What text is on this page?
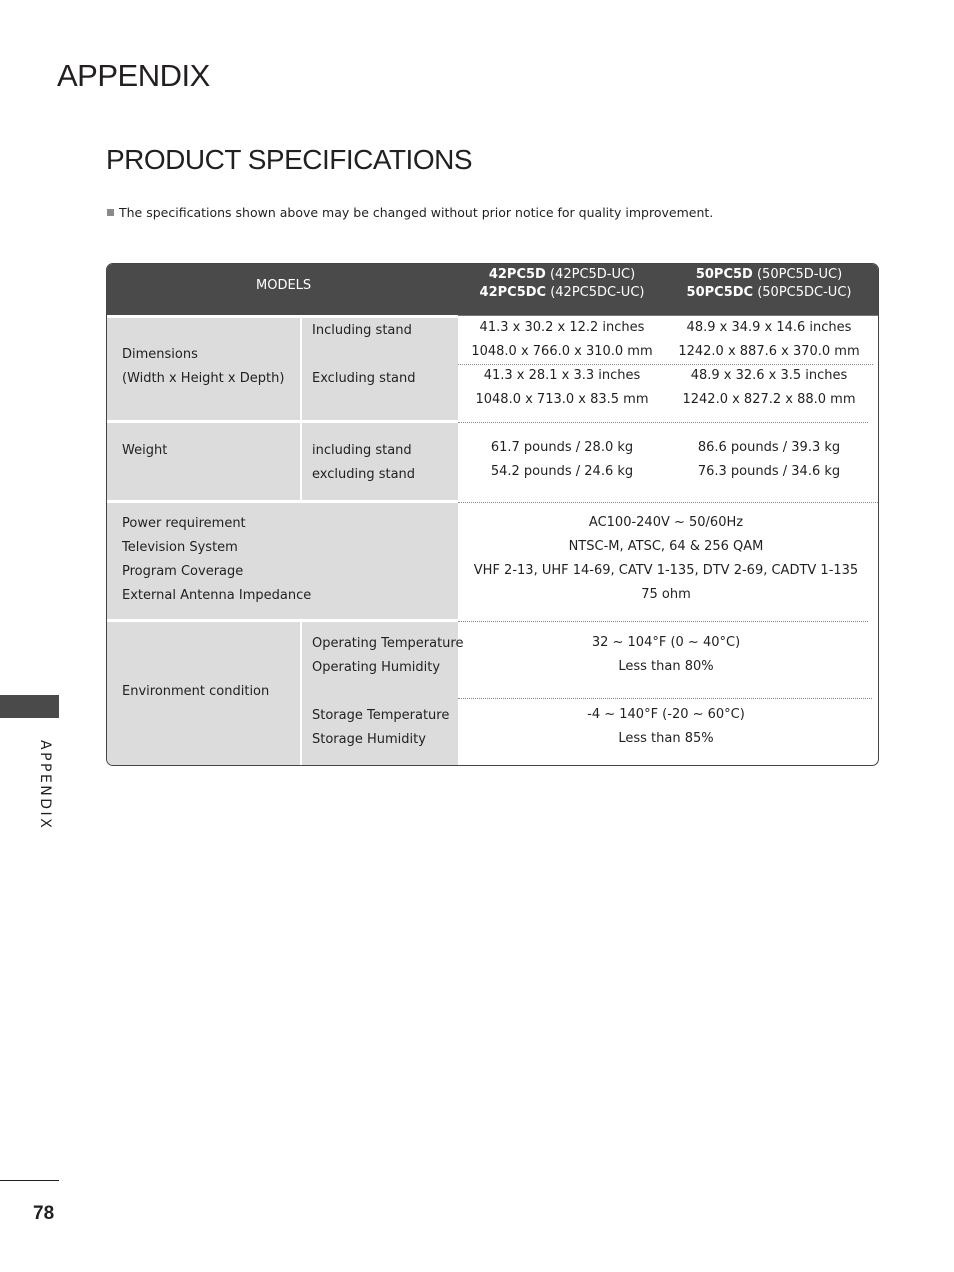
APPENDIX
PRODUCT SPECIFICATIONS
The specifications shown above may be changed without prior notice for quality improvement.
MODELS
42PC5D (42PC5D-UC)
42PC5DC (42PC5DC-UC)
50PC5D (50PC5D-UC)
50PC5DC (50PC5DC-UC)
Dimensions
(Width x Height x Depth)
Including stand
Excluding stand
41.3 x 30.2 x 12.2 inches
1048.0 x 766.0 x 310.0 mm
48.9 x 34.9 x 14.6 inches
1242.0 x 887.6 x 370.0 mm
41.3 x 28.1 x 3.3 inches
1048.0 x 713.0 x 83.5 mm
48.9 x 32.6 x 3.5 inches
1242.0 x 827.2 x 88.0 mm
Weight	including stand
excluding stand
61.7 pounds / 28.0 kg
54.2 pounds / 24.6 kg
86.6 pounds / 39.3 kg
76.3 pounds / 34.6 kg
Power requirement
Television System
Program Coverage
External Antenna Impedance
AC100-240V ~ 50/60Hz
NTSC-M, ATSC, 64 & 256 QAM
VHF 2-13, UHF 14-69, CATV 1-135, DTV 2-69, CADTV 1-135
75 ohm
Environment condition
Operating Temperature
Operating Humidity
Storage Temperature
Storage Humidity
32 ~ 104°F (0 ~ 40°C)
Less than 80%
-4 ~ 140°F (-20 ~ 60°C)
Less than 85%
APPENDIX
78
